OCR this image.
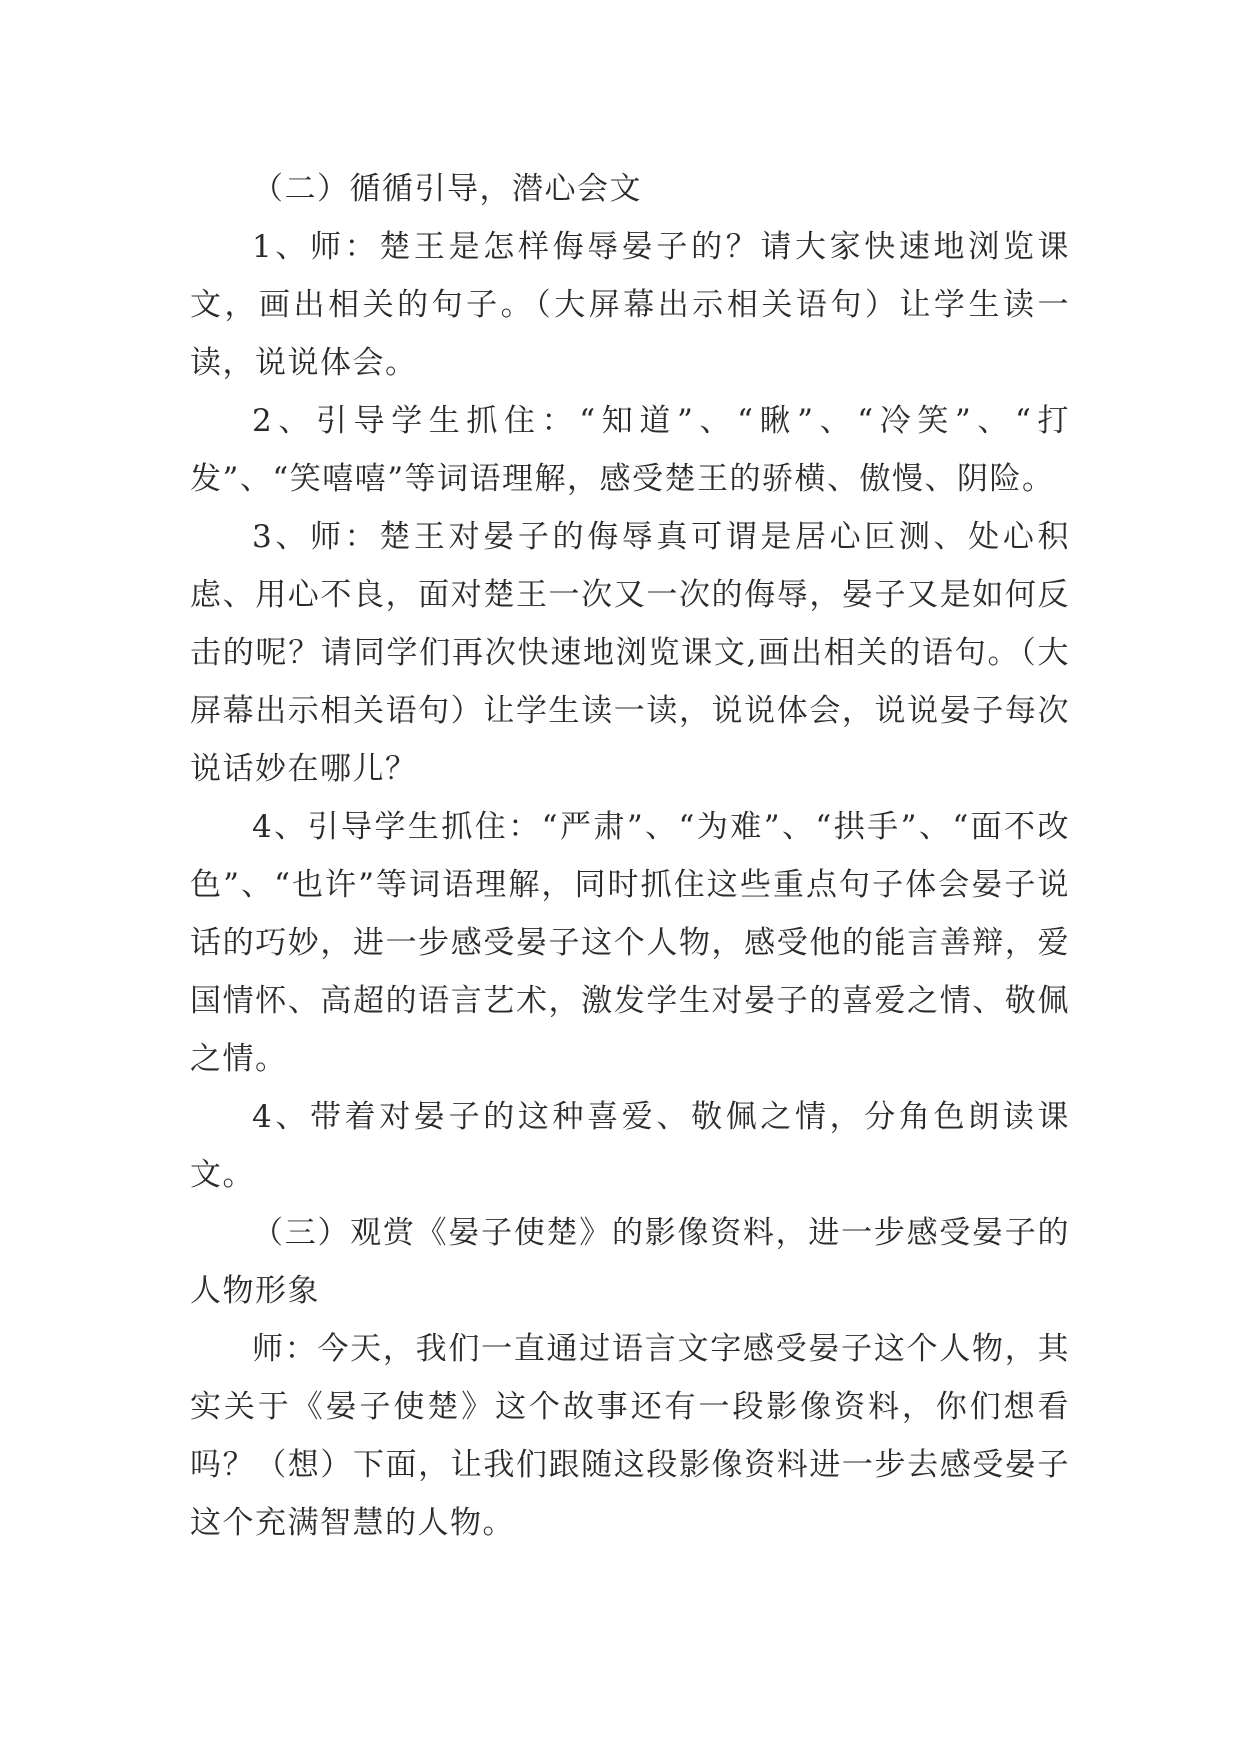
（二）循循引导，潜心会文

1、师：楚王是怎样侮辱晏子的？请大家快速地浏览课文，画出相关的句子。（大屏幕出示相关语句）让学生读一读，说说体会。

2、引导学生抓住：“知道”、“瞅”、“冷笑”、“打发”、“笑嘻嘻”等词语理解，感受楚王的骄横、傲慢、阴险。

3、师：楚王对晏子的侮辱真可谓是居心叵测、处心积虑、用心不良，面对楚王一次又一次的侮辱，晏子又是如何反击的呢？请同学们再次快速地浏览课文,画出相关的语句。（大屏幕出示相关语句）让学生读一读，说说体会，说说晏子每次说话妙在哪儿？

4、引导学生抓住：“严肃”、“为难”、“拱手”、“面不改色”、“也许”等词语理解，同时抓住这些重点句子体会晏子说话的巧妙，进一步感受晏子这个人物，感受他的能言善辩，爱国情怀、高超的语言艺术，激发学生对晏子的喜爱之情、敬佩之情。

4、带着对晏子的这种喜爱、敬佩之情，分角色朗读课文。

（三）观赏《晏子使楚》的影像资料，进一步感受晏子的人物形象

师：今天，我们一直通过语言文字感受晏子这个人物，其实关于《晏子使楚》这个故事还有一段影像资料，你们想看吗？（想）下面，让我们跟随这段影像资料进一步去感受晏子这个充满智慧的人物。
